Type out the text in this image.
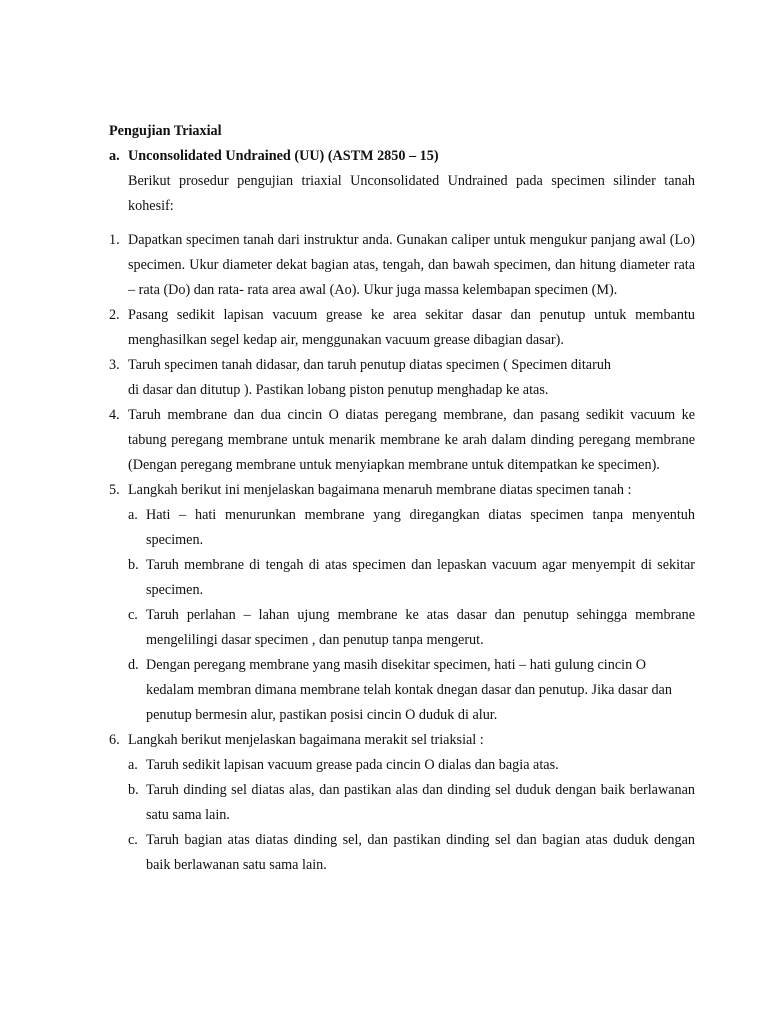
Pengujian Triaxial

a. Unconsolidated Undrained (UU) (ASTM 2850 – 15)
Berikut prosedur pengujian triaxial Unconsolidated Undrained pada specimen silinder tanah kohesif:
1. Dapatkan specimen tanah dari instruktur anda. Gunakan caliper untuk mengukur panjang awal (Lo) specimen. Ukur diameter dekat bagian atas, tengah, dan bawah specimen, dan hitung diameter rata – rata (Do) dan rata- rata area awal (Ao). Ukur juga massa kelembapan specimen (M).
2. Pasang sedikit lapisan vacuum grease ke area sekitar dasar dan penutup untuk membantu menghasilkan segel kedap air, menggunakan vacuum grease dibagian dasar).
3. Taruh specimen tanah didasar, dan taruh penutup diatas specimen ( Specimen ditaruh
di dasar dan ditutup ). Pastikan lobang piston penutup menghadap ke atas.
4. Taruh membrane dan dua cincin O diatas peregang membrane, dan pasang sedikit vacuum ke tabung peregang membrane untuk menarik membrane ke arah dalam dinding peregang membrane (Dengan peregang membrane untuk menyiapkan membrane untuk ditempatkan ke specimen).
5. Langkah berikut ini menjelaskan bagaimana menaruh membrane diatas specimen tanah :
a. Hati – hati menurunkan membrane yang diregangkan diatas specimen tanpa menyentuh specimen.
b. Taruh membrane di tengah di atas specimen dan lepaskan vacuum agar menyempit di sekitar specimen.
c. Taruh perlahan – lahan ujung membrane ke atas dasar dan penutup sehingga membrane mengelilingi dasar specimen , dan penutup tanpa mengerut.
d. Dengan peregang membrane yang masih disekitar specimen, hati – hati gulung cincin O kedalam membran dimana membrane telah kontak dnegan dasar dan penutup. Jika dasar dan penutup bermesin alur, pastikan posisi cincin O duduk di alur.
6. Langkah berikut menjelaskan bagaimana merakit sel triaksial :
a. Taruh sedikit lapisan vacuum grease pada cincin O dialas dan bagia atas.
b. Taruh dinding sel diatas alas, dan pastikan alas dan dinding sel duduk dengan baik berlawanan satu sama lain.
c. Taruh bagian atas diatas dinding sel, dan pastikan dinding sel dan bagian atas duduk dengan baik berlawanan satu sama lain.
